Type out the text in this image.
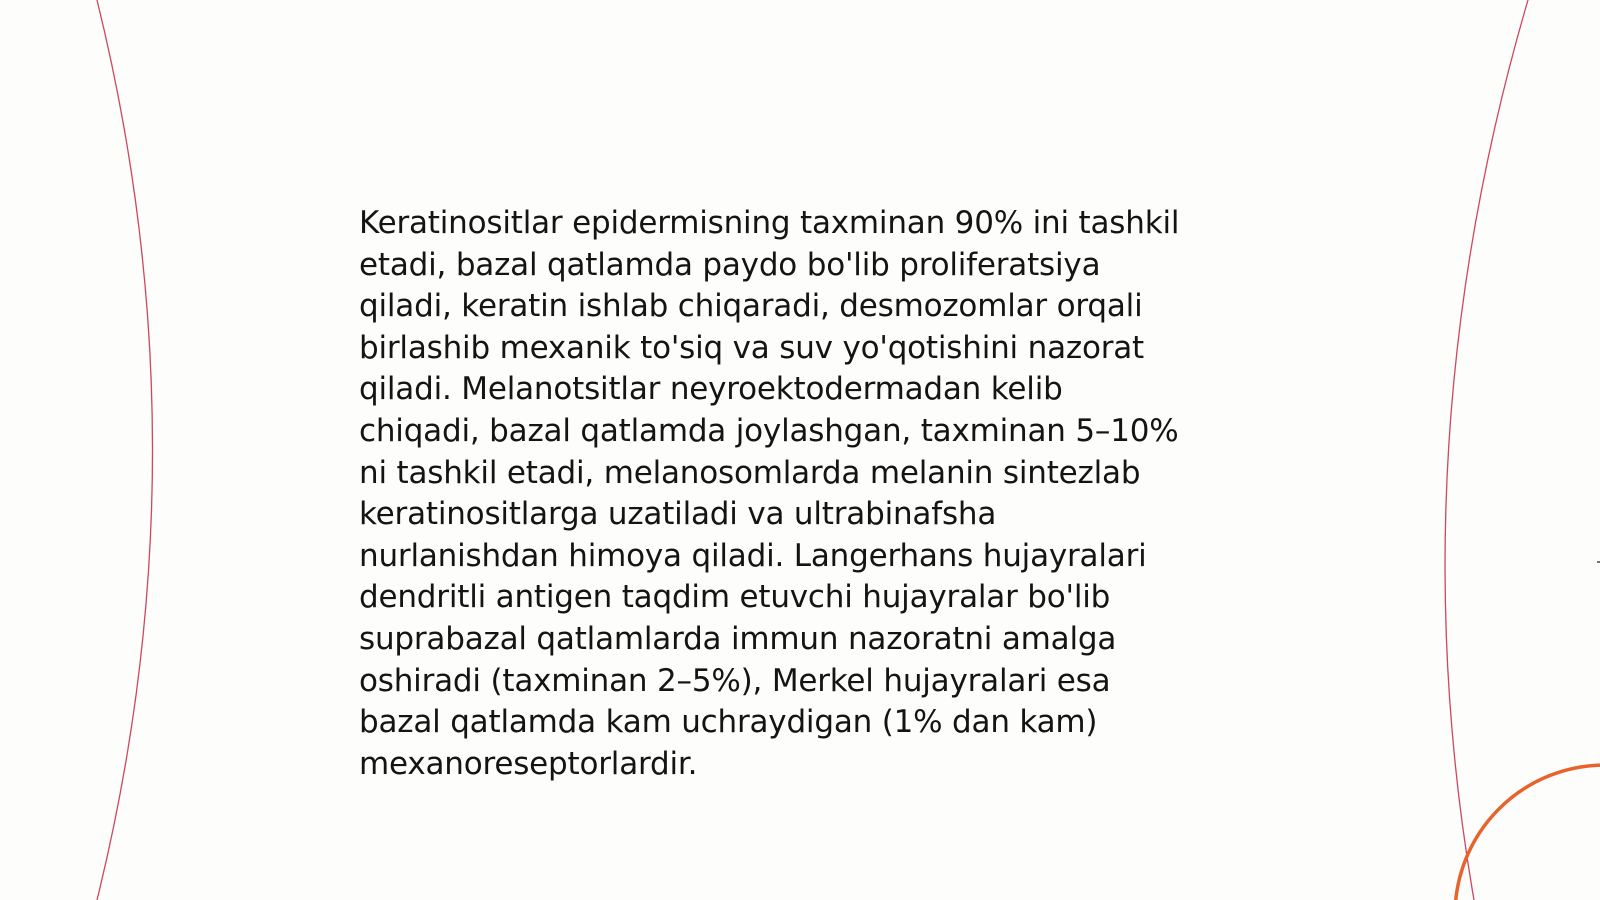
Keratinositlar epidermisning taxminan 90% ini tashkil
etadi, bazal qatlamda paydo bo'lib proliferatsiya
qiladi, keratin ishlab chiqaradi, desmozomlar orqali
birlashib mexanik to'siq va suv yo'qotishini nazorat
qiladi. Melanotsitlar neyroektodermadan kelib
chiqadi, bazal qatlamda joylashgan, taxminan 5–10%
ni tashkil etadi, melanosomlarda melanin sintezlab
keratinositlarga uzatiladi va ultrabinafsha
nurlanishdan himoya qiladi. Langerhans hujayralari
dendritli antigen taqdim etuvchi hujayralar bo'lib
suprabazal qatlamlarda immun nazoratni amalga
oshiradi (taxminan 2–5%), Merkel hujayralari esa
bazal qatlamda kam uchraydigan (1% dan kam)
mexanoreseptorlardir.
